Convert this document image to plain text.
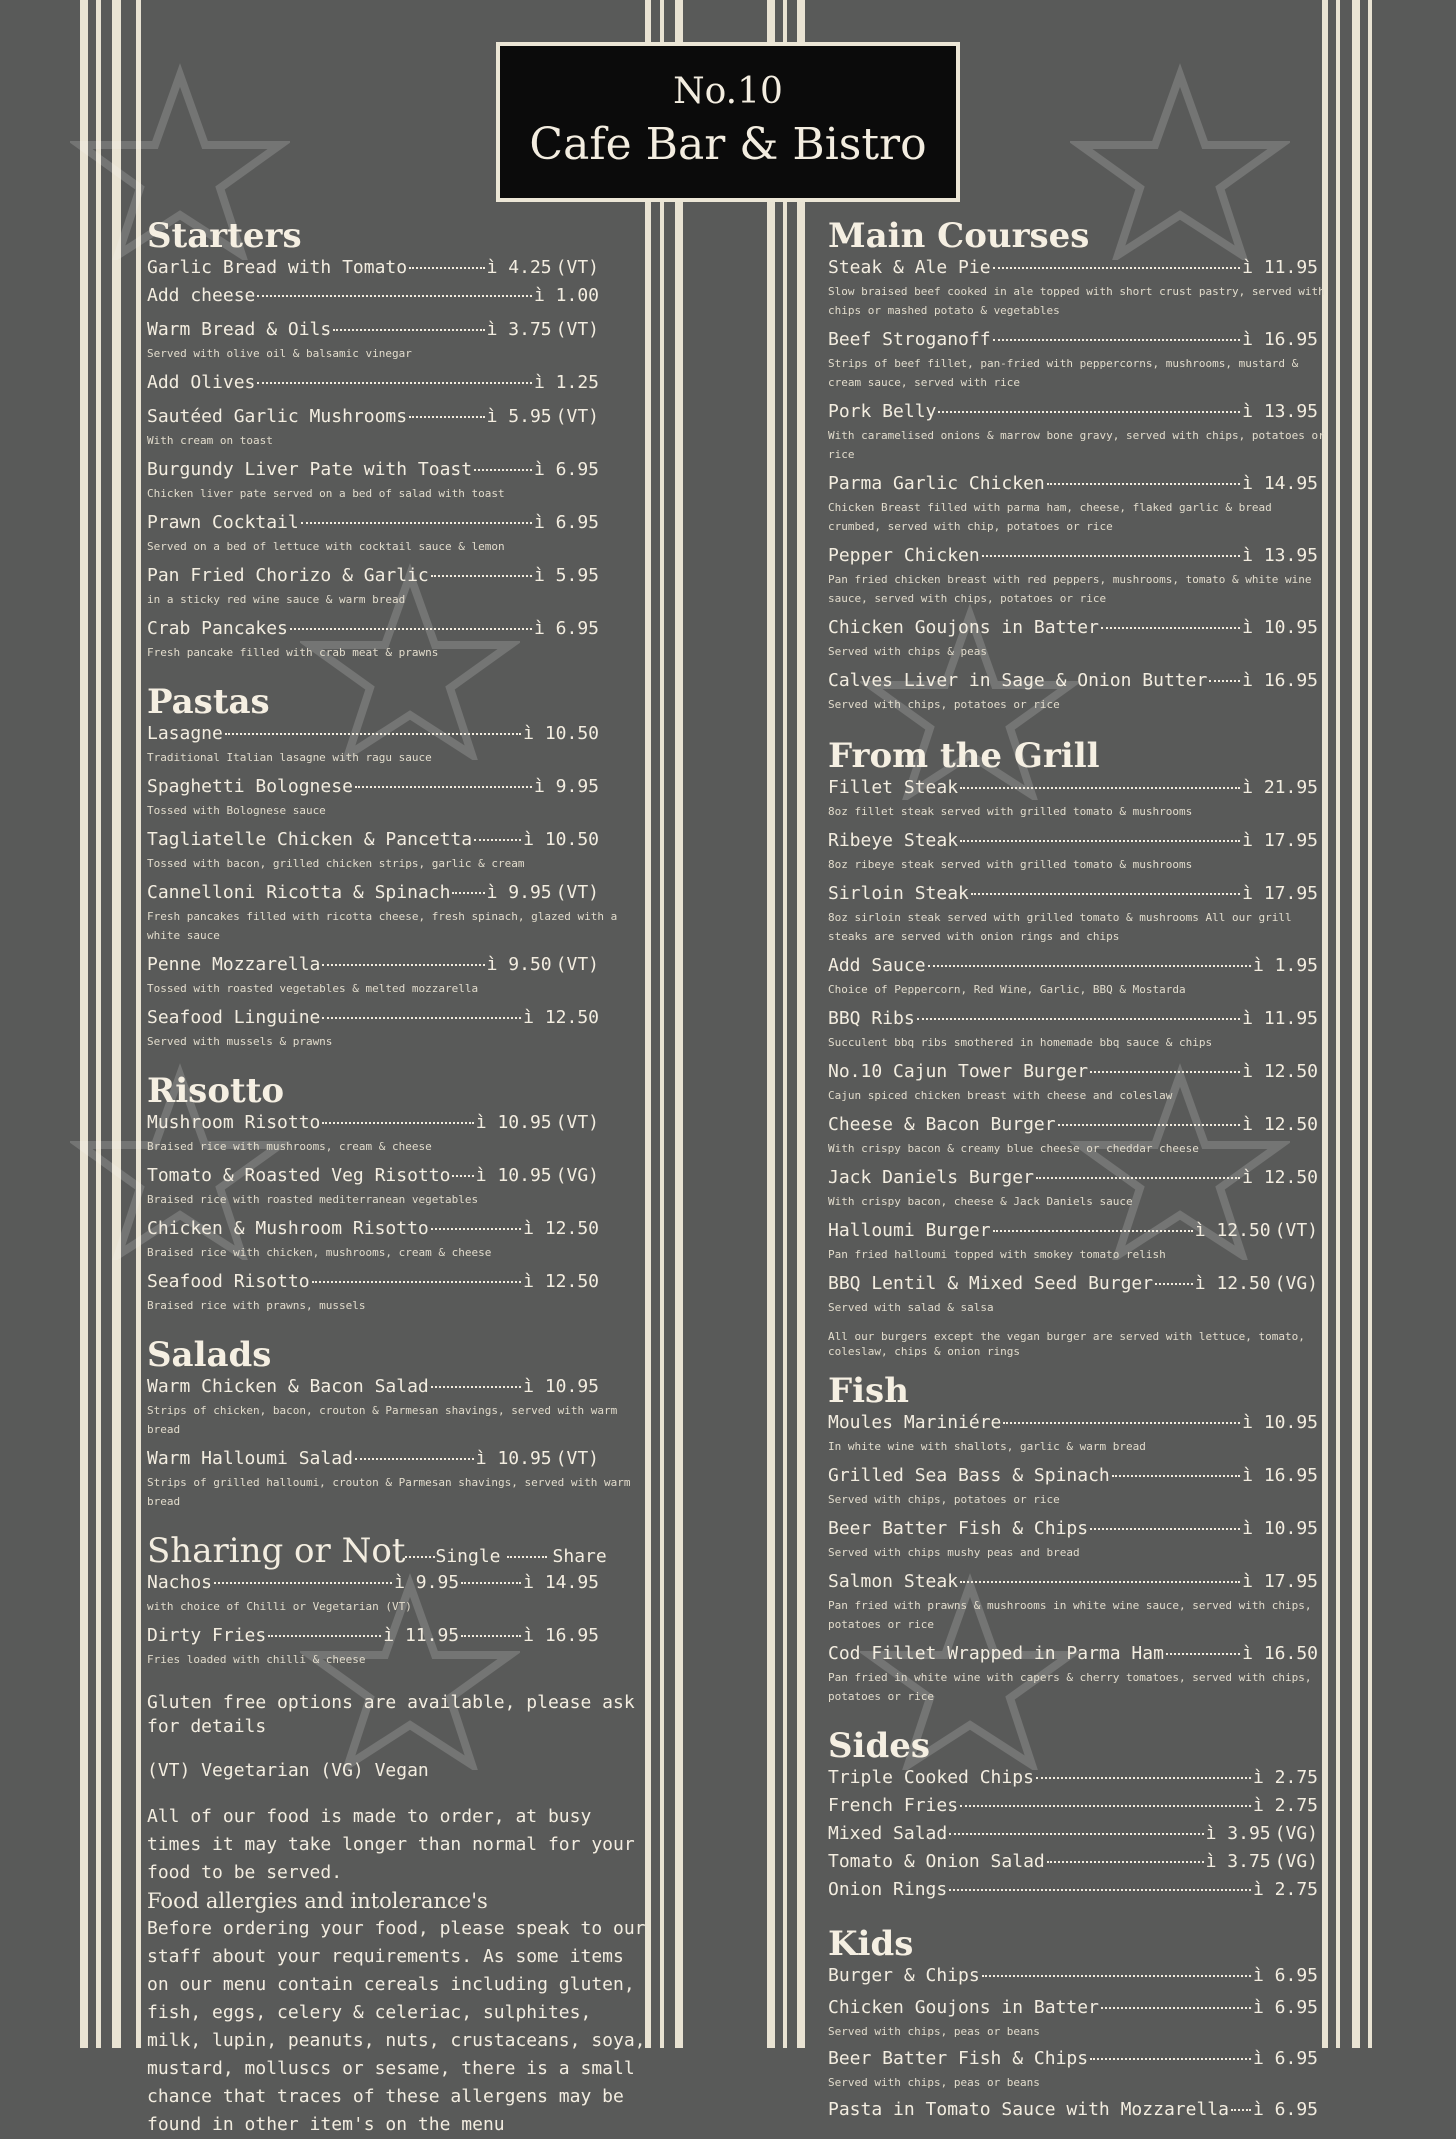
No.10
Cafe Bar & Bistro
Starters
Garlic Bread with Tomato	ì 4.25 (VT)
Add cheese	ì 1.00
Warm Bread & Oils	ì 3.75 (VT)
Served with olive oil & balsamic vinegar
Add Olives	ì 1.25
Sautéed Garlic Mushrooms	ì 5.95 (VT)
With cream on toast
Burgundy Liver Pate with Toast	ì 6.95
Chicken liver pate served on a bed of salad with toast
Prawn Cocktail	ì 6.95
Served on a bed of lettuce with cocktail sauce & lemon
Pan Fried Chorizo & Garlic	ì 5.95
in a sticky red wine sauce & warm bread
Crab Pancakes	ì 6.95
Fresh pancake filled with crab meat & prawns
Pastas
Lasagne	ì 10.50
Traditional Italian lasagne with ragu sauce
Spaghetti Bolognese	ì 9.95
Tossed with Bolognese sauce
Tagliatelle Chicken & Pancetta	ì 10.50
Tossed with bacon, grilled chicken strips, garlic & cream
Cannelloni Ricotta & Spinach ì 9.95 (VT)
Fresh pancakes filled with ricotta cheese, fresh spinach, glazed with a white sauce
Penne Mozzarella	ì 9.50 (VT)
Tossed with roasted vegetables & melted mozzarella
Seafood Linguine	ì 12.50
Served with mussels & prawns
Risotto
Mushroom Risotto	ì 10.95 (VT)
Braised rice with mushrooms, cream & cheese
Tomato & Roasted Veg Risotto ì 10.95 (VG)
Braised rice with roasted mediterranean vegetables
Chicken & Mushroom Risotto	ì 12.50
Braised rice with chicken, mushrooms, cream & cheese
Seafood Risotto	ì 12.50
Braised rice with prawns, mussels
Salads
Warm Chicken & Bacon Salad	ì 10.95
Strips of chicken, bacon, crouton & Parmesan shavings, served with warm bread
Warm Halloumi Salad	ì 10.95 (VT)
Strips of grilled halloumi, crouton & Parmesan shavings, served with warm bread
Sharing or Not Single	Share
Nachos	ì 9.95	ì 14.95
with choice of Chilli or Vegetarian (VT)
Dirty Fries	ì 11.95	ì 16.95
Fries loaded with chilli & cheese
Gluten free options are available, please ask for details
(VT) Vegetarian (VG) Vegan
All of our food is made to order, at busy times it may take longer than normal for your food to be served.
Food allergies and intolerance's
Before ordering your food, please speak to our staff about your requirements. As some items on our menu contain cereals including gluten, fish, eggs, celery & celeriac, sulphites, milk, lupin, peanuts, nuts, crustaceans, soya, mustard, molluscs or sesame, there is a small chance that traces of these allergens may be found in other item's on the menu
Main Courses
Steak & Ale Pie	ì 11.95
Slow braised beef cooked in ale topped with short crust pastry, served with chips or mashed potato & vegetables
Beef Stroganoff	ì 16.95
Strips of beef fillet, pan-fried with peppercorns, mushrooms, mustard & cream sauce, served with rice
Pork Belly	ì 13.95
With caramelised onions & marrow bone gravy, served with chips, potatoes or rice
Parma Garlic Chicken	ì 14.95
Chicken Breast filled with parma ham, cheese, flaked garlic & bread crumbed, served with chip, potatoes or rice
Pepper Chicken	ì 13.95
Pan fried chicken breast with red peppers, mushrooms, tomato & white wine sauce, served with chips, potatoes or rice
Chicken Goujons in Batter	ì 10.95
Served with chips & peas
Calves Liver in Sage & Onion Butter ì 16.95
Served with chips, potatoes or rice
From the Grill
Fillet Steak	ì 21.95
8oz fillet steak served with grilled tomato & mushrooms
Ribeye Steak	ì 17.95
8oz ribeye steak served with grilled tomato & mushrooms
Sirloin Steak	ì 17.95
8oz sirloin steak served with grilled tomato & mushrooms All our grill steaks are served with onion rings and chips
Add Sauce	ì 1.95
Choice of Peppercorn, Red Wine, Garlic, BBQ & Mostarda
BBQ Ribs	ì 11.95
Succulent bbq ribs smothered in homemade bbq sauce & chips
No.10 Cajun Tower Burger	ì 12.50
Cajun spiced chicken breast with cheese and coleslaw
Cheese & Bacon Burger	ì 12.50
With crispy bacon & creamy blue cheese or cheddar cheese
Jack Daniels Burger	ì 12.50
With crispy bacon, cheese & Jack Daniels sauce
Halloumi Burger	ì 12.50 (VT)
Pan fried halloumi topped with smokey tomato relish
BBQ Lentil & Mixed Seed Burger ì 12.50 (VG)
Served with salad & salsa
All our burgers except the vegan burger are served with lettuce, tomato, coleslaw, chips & onion rings
Fish
Moules Mariniére	ì 10.95
In white wine with shallots, garlic & warm bread
Grilled Sea Bass & Spinach	ì 16.95
Served with chips, potatoes or rice
Beer Batter Fish & Chips	ì 10.95
Served with chips mushy peas and bread
Salmon Steak	ì 17.95
Pan fried with prawns & mushrooms in white wine sauce, served with chips, potatoes or rice
Cod Fillet Wrapped in Parma Ham	ì 16.50
Pan fried in white wine with capers & cherry tomatoes, served with chips, potatoes or rice
Sides
Triple Cooked Chips	ì 2.75
French Fries	ì 2.75
Mixed Salad	ì 3.95 (VG)
Tomato & Onion Salad	ì 3.75 (VG)
Onion Rings	ì 2.75
Kids
Burger & Chips	ì 6.95
Chicken Goujons in Batter	ì 6.95
Served with chips, peas or beans
Beer Batter Fish & Chips	ì 6.95
Served with chips, peas or beans
Pasta in Tomato Sauce with Mozzarella ì 6.95
